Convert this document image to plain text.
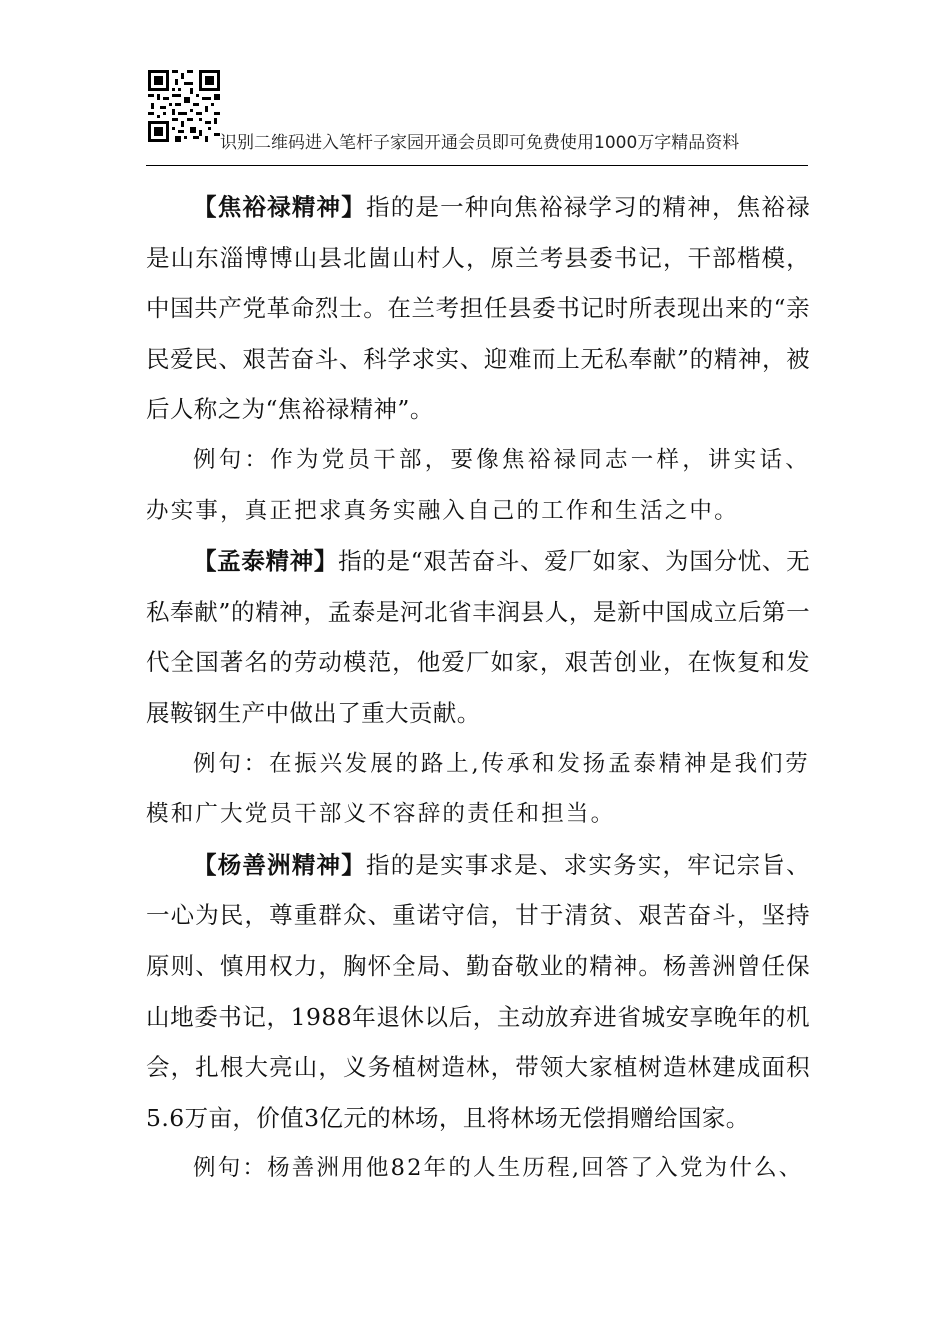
识别二维码进入笔杆子家园开通会员即可免费使用1000万字精品资料

【焦裕禄精神】指的是一种向焦裕禄学习的精神，焦裕禄是山东淄博博山县北崮山村人，原兰考县委书记，干部楷模，中国共产党革命烈士。在兰考担任县委书记时所表现出来的“亲民爱民、艰苦奋斗、科学求实、迎难而上无私奉献”的精神，被后人称之为“焦裕禄精神”。

例句：作为党员干部，要像焦裕禄同志一样，讲实话、办实事，真正把求真务实融入自己的工作和生活之中。

【孟泰精神】指的是“艰苦奋斗、爱厂如家、为国分忧、无私奉献”的精神，孟泰是河北省丰润县人，是新中国成立后第一代全国著名的劳动模范，他爱厂如家，艰苦创业，在恢复和发展鞍钢生产中做出了重大贡献。

例句：在振兴发展的路上,传承和发扬孟泰精神是我们劳模和广大党员干部义不容辞的责任和担当。

【杨善洲精神】指的是实事求是、求实务实，牢记宗旨、一心为民，尊重群众、重诺守信，甘于清贫、艰苦奋斗，坚持原则、慎用权力，胸怀全局、勤奋敬业的精神。杨善洲曾任保山地委书记，1988年退休以后，主动放弃进省城安享晚年的机会，扎根大亮山，义务植树造林，带领大家植树造林建成面积5.6万亩，价值3亿元的林场，且将林场无偿捐赠给国家。

例句：杨善洲用他82年的人生历程,回答了入党为什么、
